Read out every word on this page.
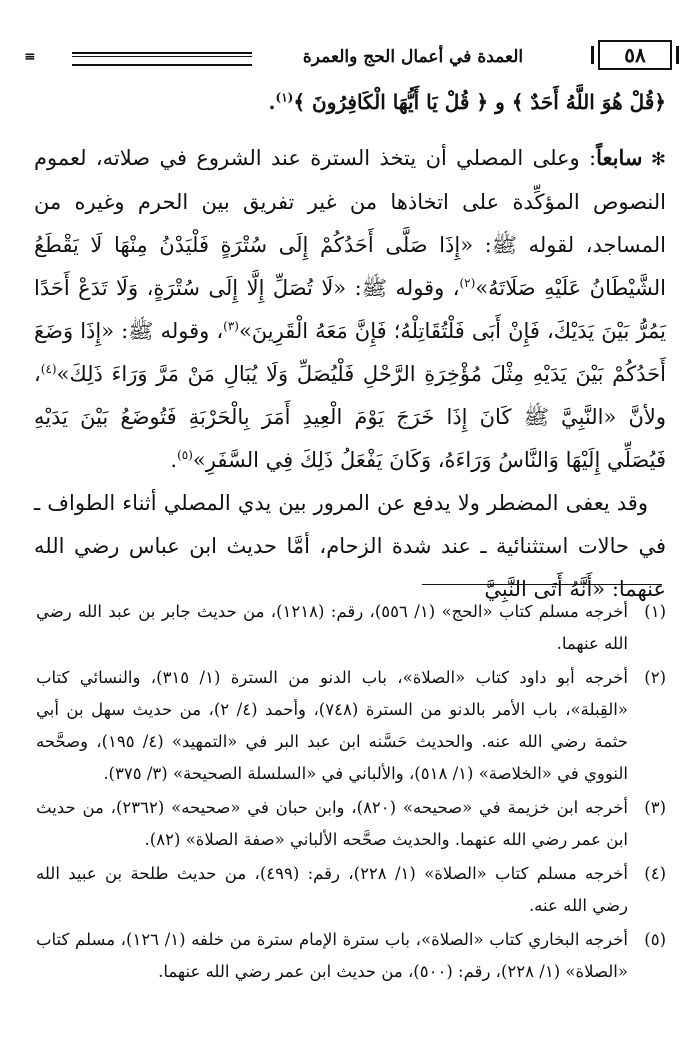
≡	العمدة في أعمال الحج والعمرة	٥٨

﴿قُلْ هُوَ اللَّهُ أَحَدٌ ﴾ و ﴿ قُلْ يَا أَيُّهَا الْكَافِرُونَ ﴾$^{(١)}$.

✻ سابعاً: وعلى المصلي أن يتخذ السترة عند الشروع في صلاته، لعموم النصوص المؤكِّدة على اتخاذها من غير تفريق بين الحرم وغيره من المساجد، لقوله ﷺ: «إِذَا صَلَّى أَحَدُكُمْ إِلَى سُتْرَةٍ فَلْيَدْنُ مِنْهَا لَا يَقْطَعُ الشَّيْطَانُ عَلَيْهِ صَلَاتَهُ»$^{(٢)}$، وقوله ﷺ: «لَا تُصَلِّ إِلَّا إِلَى سُتْرَةٍ، وَلَا تَدَعْ أَحَدًا يَمُرُّ بَيْنَ يَدَيْكَ، فَإِنْ أَبَى فَلْتُقَاتِلْهُ؛ فَإِنَّ مَعَهُ الْقَرِينَ»$^{(٣)}$، وقوله ﷺ: «إِذَا وَضَعَ أَحَدُكُمْ بَيْنَ يَدَيْهِ مِثْلَ مُؤْخِرَةِ الرَّحْلِ فَلْيُصَلِّ وَلَا يُبَالِ مَنْ مَرَّ وَرَاءَ ذَلِكَ»$^{(٤)}$، ولأنَّ «النَّبِيَّ ﷺ كَانَ إِذَا خَرَجَ يَوْمَ الْعِيدِ أَمَرَ بِالْحَرْبَةِ فَتُوضَعُ بَيْنَ يَدَيْهِ فَيُصَلِّي إِلَيْهَا وَالنَّاسُ وَرَاءَهُ، وَكَانَ يَفْعَلُ ذَلِكَ فِي السَّفَرِ»$^{(٥)}$.

وقد يعفى المضطر ولا يدفع عن المرور بين يدي المصلي أثناء الطواف ـ في حالات استثنائية ـ عند شدة الزحام، أمَّا حديث ابن عباس رضي الله عنهما: «أَنَّهُ أَتَى النَّبِيَّ

(١)
أخرجه مسلم كتاب «الحج» (١/ ٥٥٦)، رقم: (١٢١٨)، من حديث جابر بن عبد الله رضي الله عنهما.
(٢)
أخرجه أبو داود كتاب «الصلاة»، باب الدنو من السترة (١/ ٣١٥)، والنسائي كتاب «القِبلة»، باب الأمر بالدنو من السترة (٧٤٨)، وأحمد (٤/ ٢)، من حديث سهل بن أبي حثمة رضي الله عنه. والحديث حَسَّنه ابن عبد البر في «التمهيد» (٤/ ١٩٥)، وصحَّحه النووي في «الخلاصة» (١/ ٥١٨)، والألباني في «السلسلة الصحيحة» (٣/ ٣٧٥).
(٣)
أخرجه ابن خزيمة في «صحيحه» (٨٢٠)، وابن حبان في «صحيحه» (٢٣٦٢)، من حديث ابن عمر رضي الله عنهما. والحديث صحَّحه الألباني «صفة الصلاة» (٨٢).
(٤)
أخرجه مسلم كتاب «الصلاة» (١/ ٢٢٨)، رقم: (٤٩٩)، من حديث طلحة بن عبيد الله رضي الله عنه.
(٥)
أخرجه البخاري كتاب «الصلاة»، باب سترة الإمام سترة من خلفه (١/ ١٢٦)، مسلم كتاب «الصلاة» (١/ ٢٢٨)، رقم: (٥٠٠)، من حديث ابن عمر رضي الله عنهما.
